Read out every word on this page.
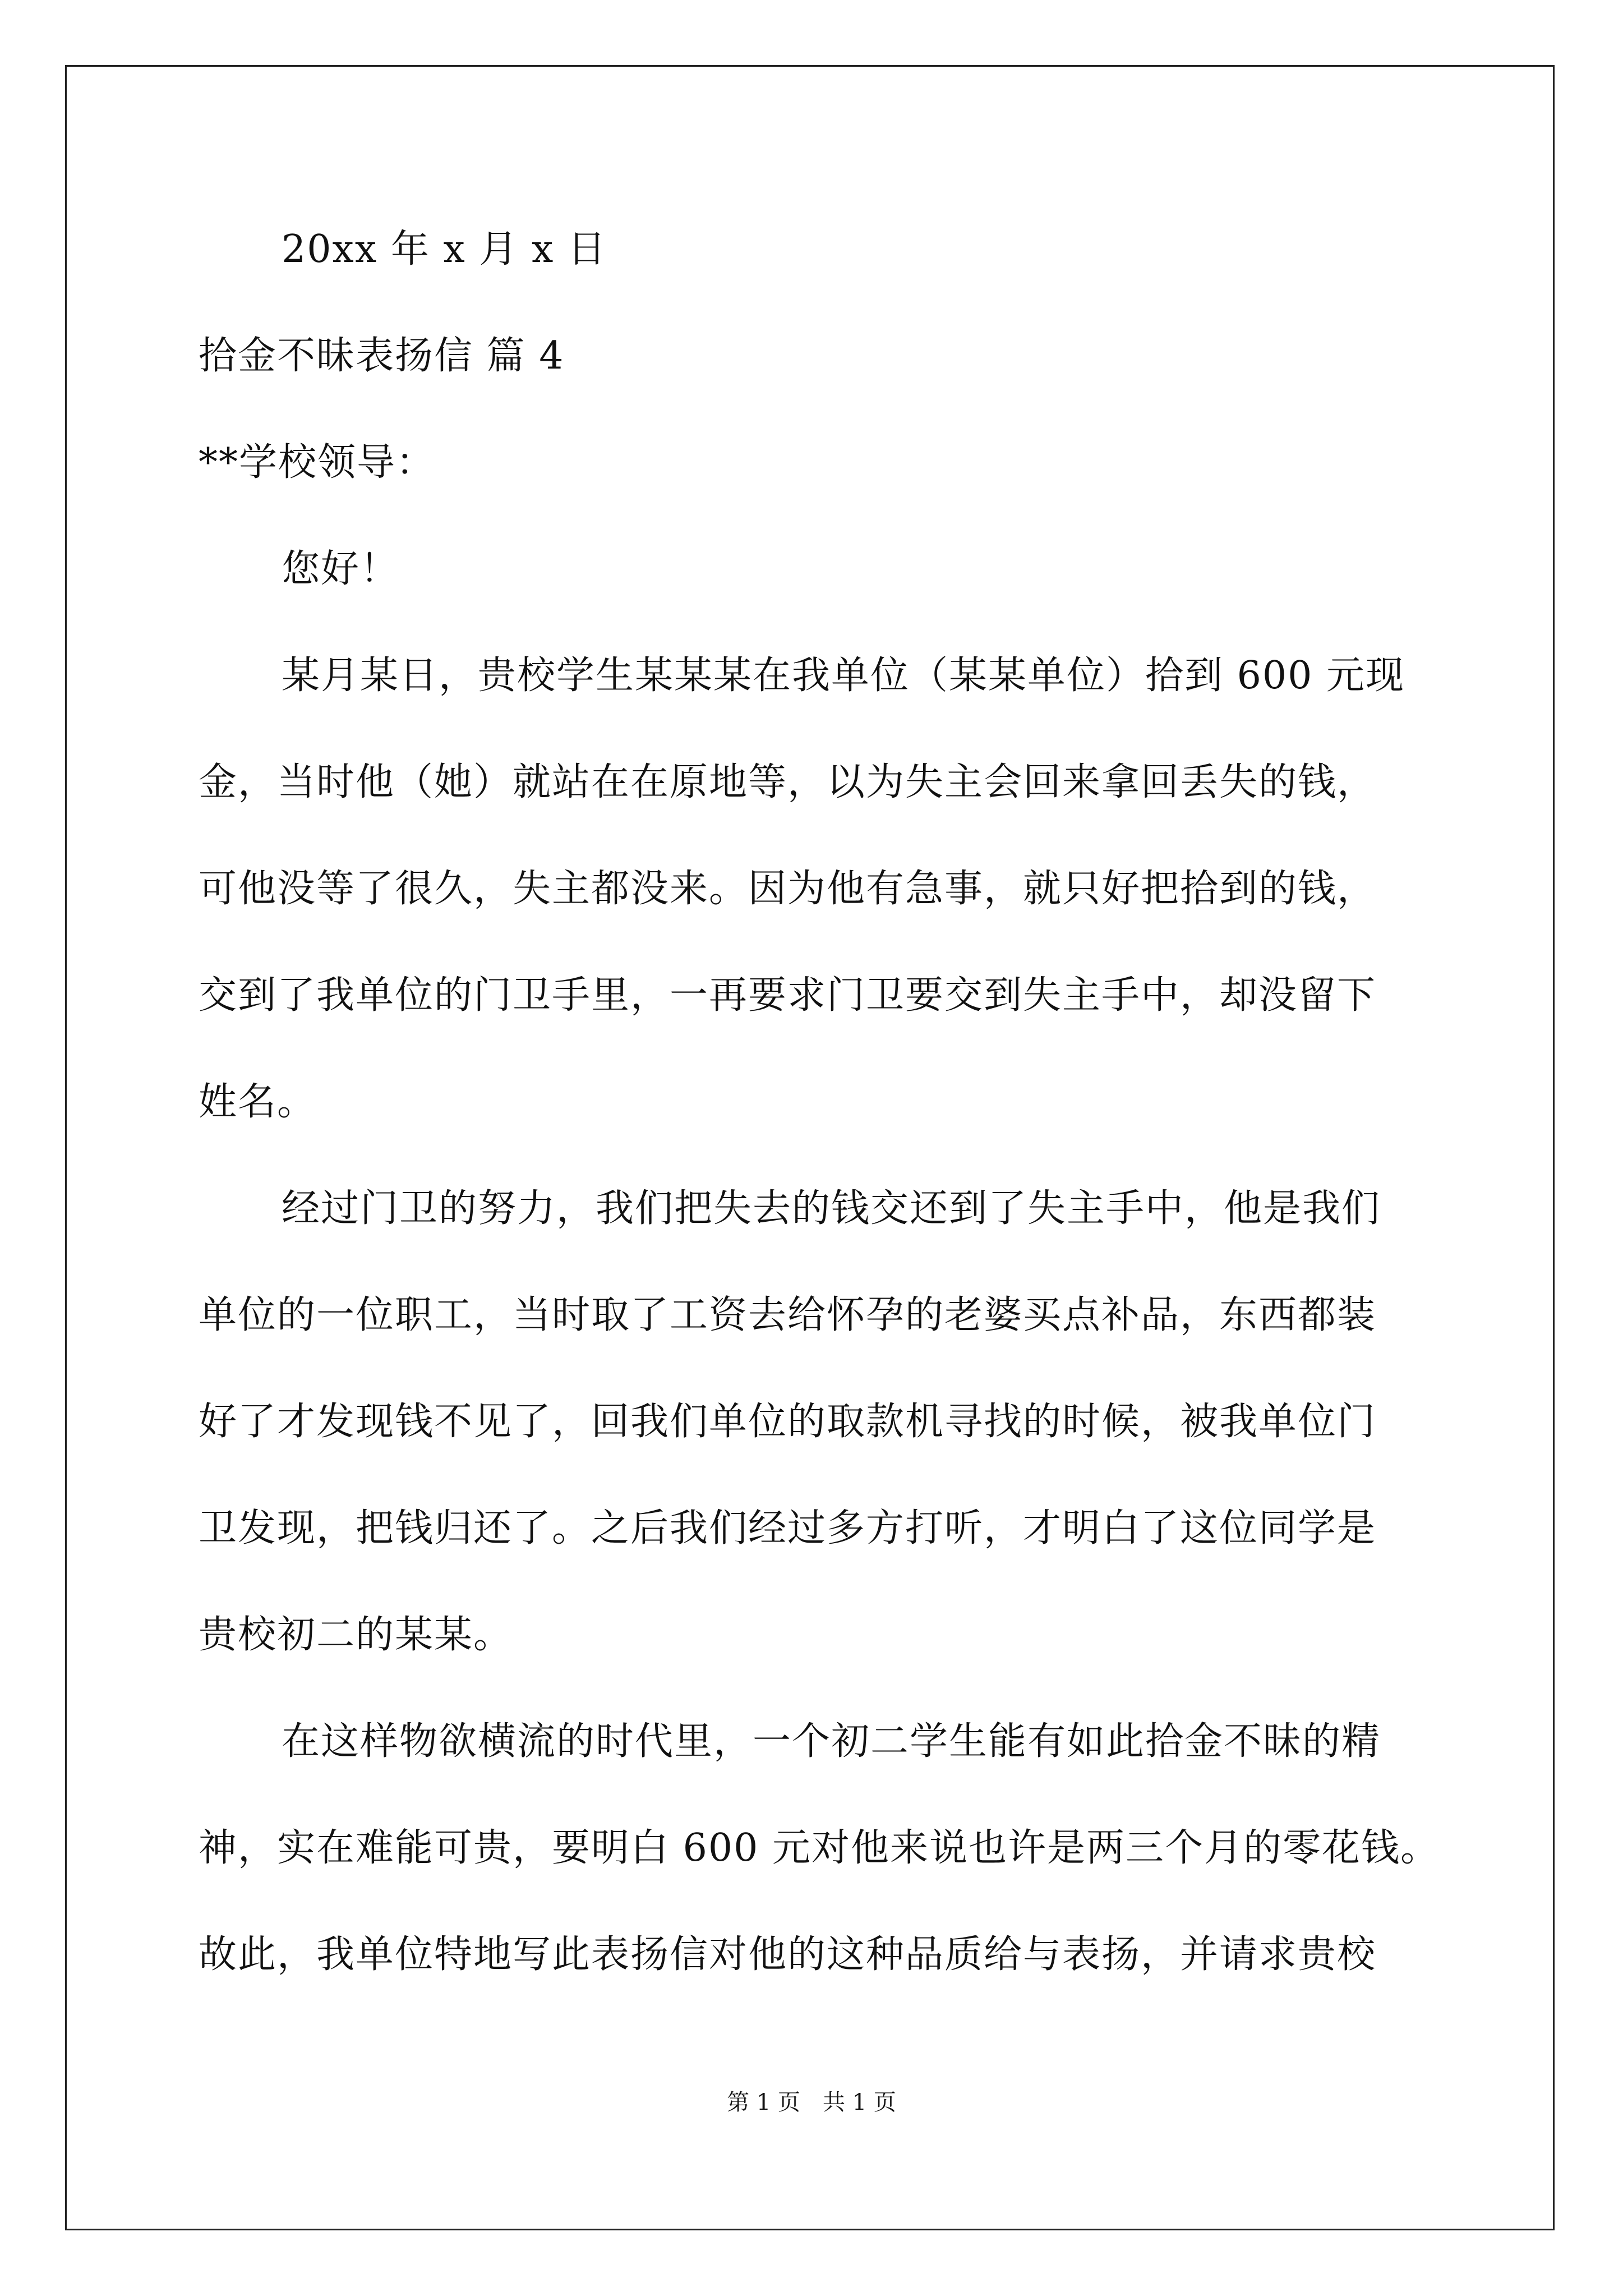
20xx 年 x 月 x 日
拾金不昧表扬信 篇 4
**学校领导：
您好！
某月某日，贵校学生某某某在我单位（某某单位）拾到 600 元现
金，当时他（她）就站在在原地等，以为失主会回来拿回丢失的钱，
可他没等了很久，失主都没来。因为他有急事，就只好把拾到的钱，
交到了我单位的门卫手里，一再要求门卫要交到失主手中，却没留下
姓名。
经过门卫的努力，我们把失去的钱交还到了失主手中，他是我们
单位的一位职工，当时取了工资去给怀孕的老婆买点补品，东西都装
好了才发现钱不见了，回我们单位的取款机寻找的时候，被我单位门
卫发现，把钱归还了。之后我们经过多方打听，才明白了这位同学是
贵校初二的某某。
在这样物欲横流的时代里，一个初二学生能有如此拾金不昧的精
神，实在难能可贵，要明白 600 元对他来说也许是两三个月的零花钱。
故此，我单位特地写此表扬信对他的这种品质给与表扬，并请求贵校
第 1 页　共 1 页
